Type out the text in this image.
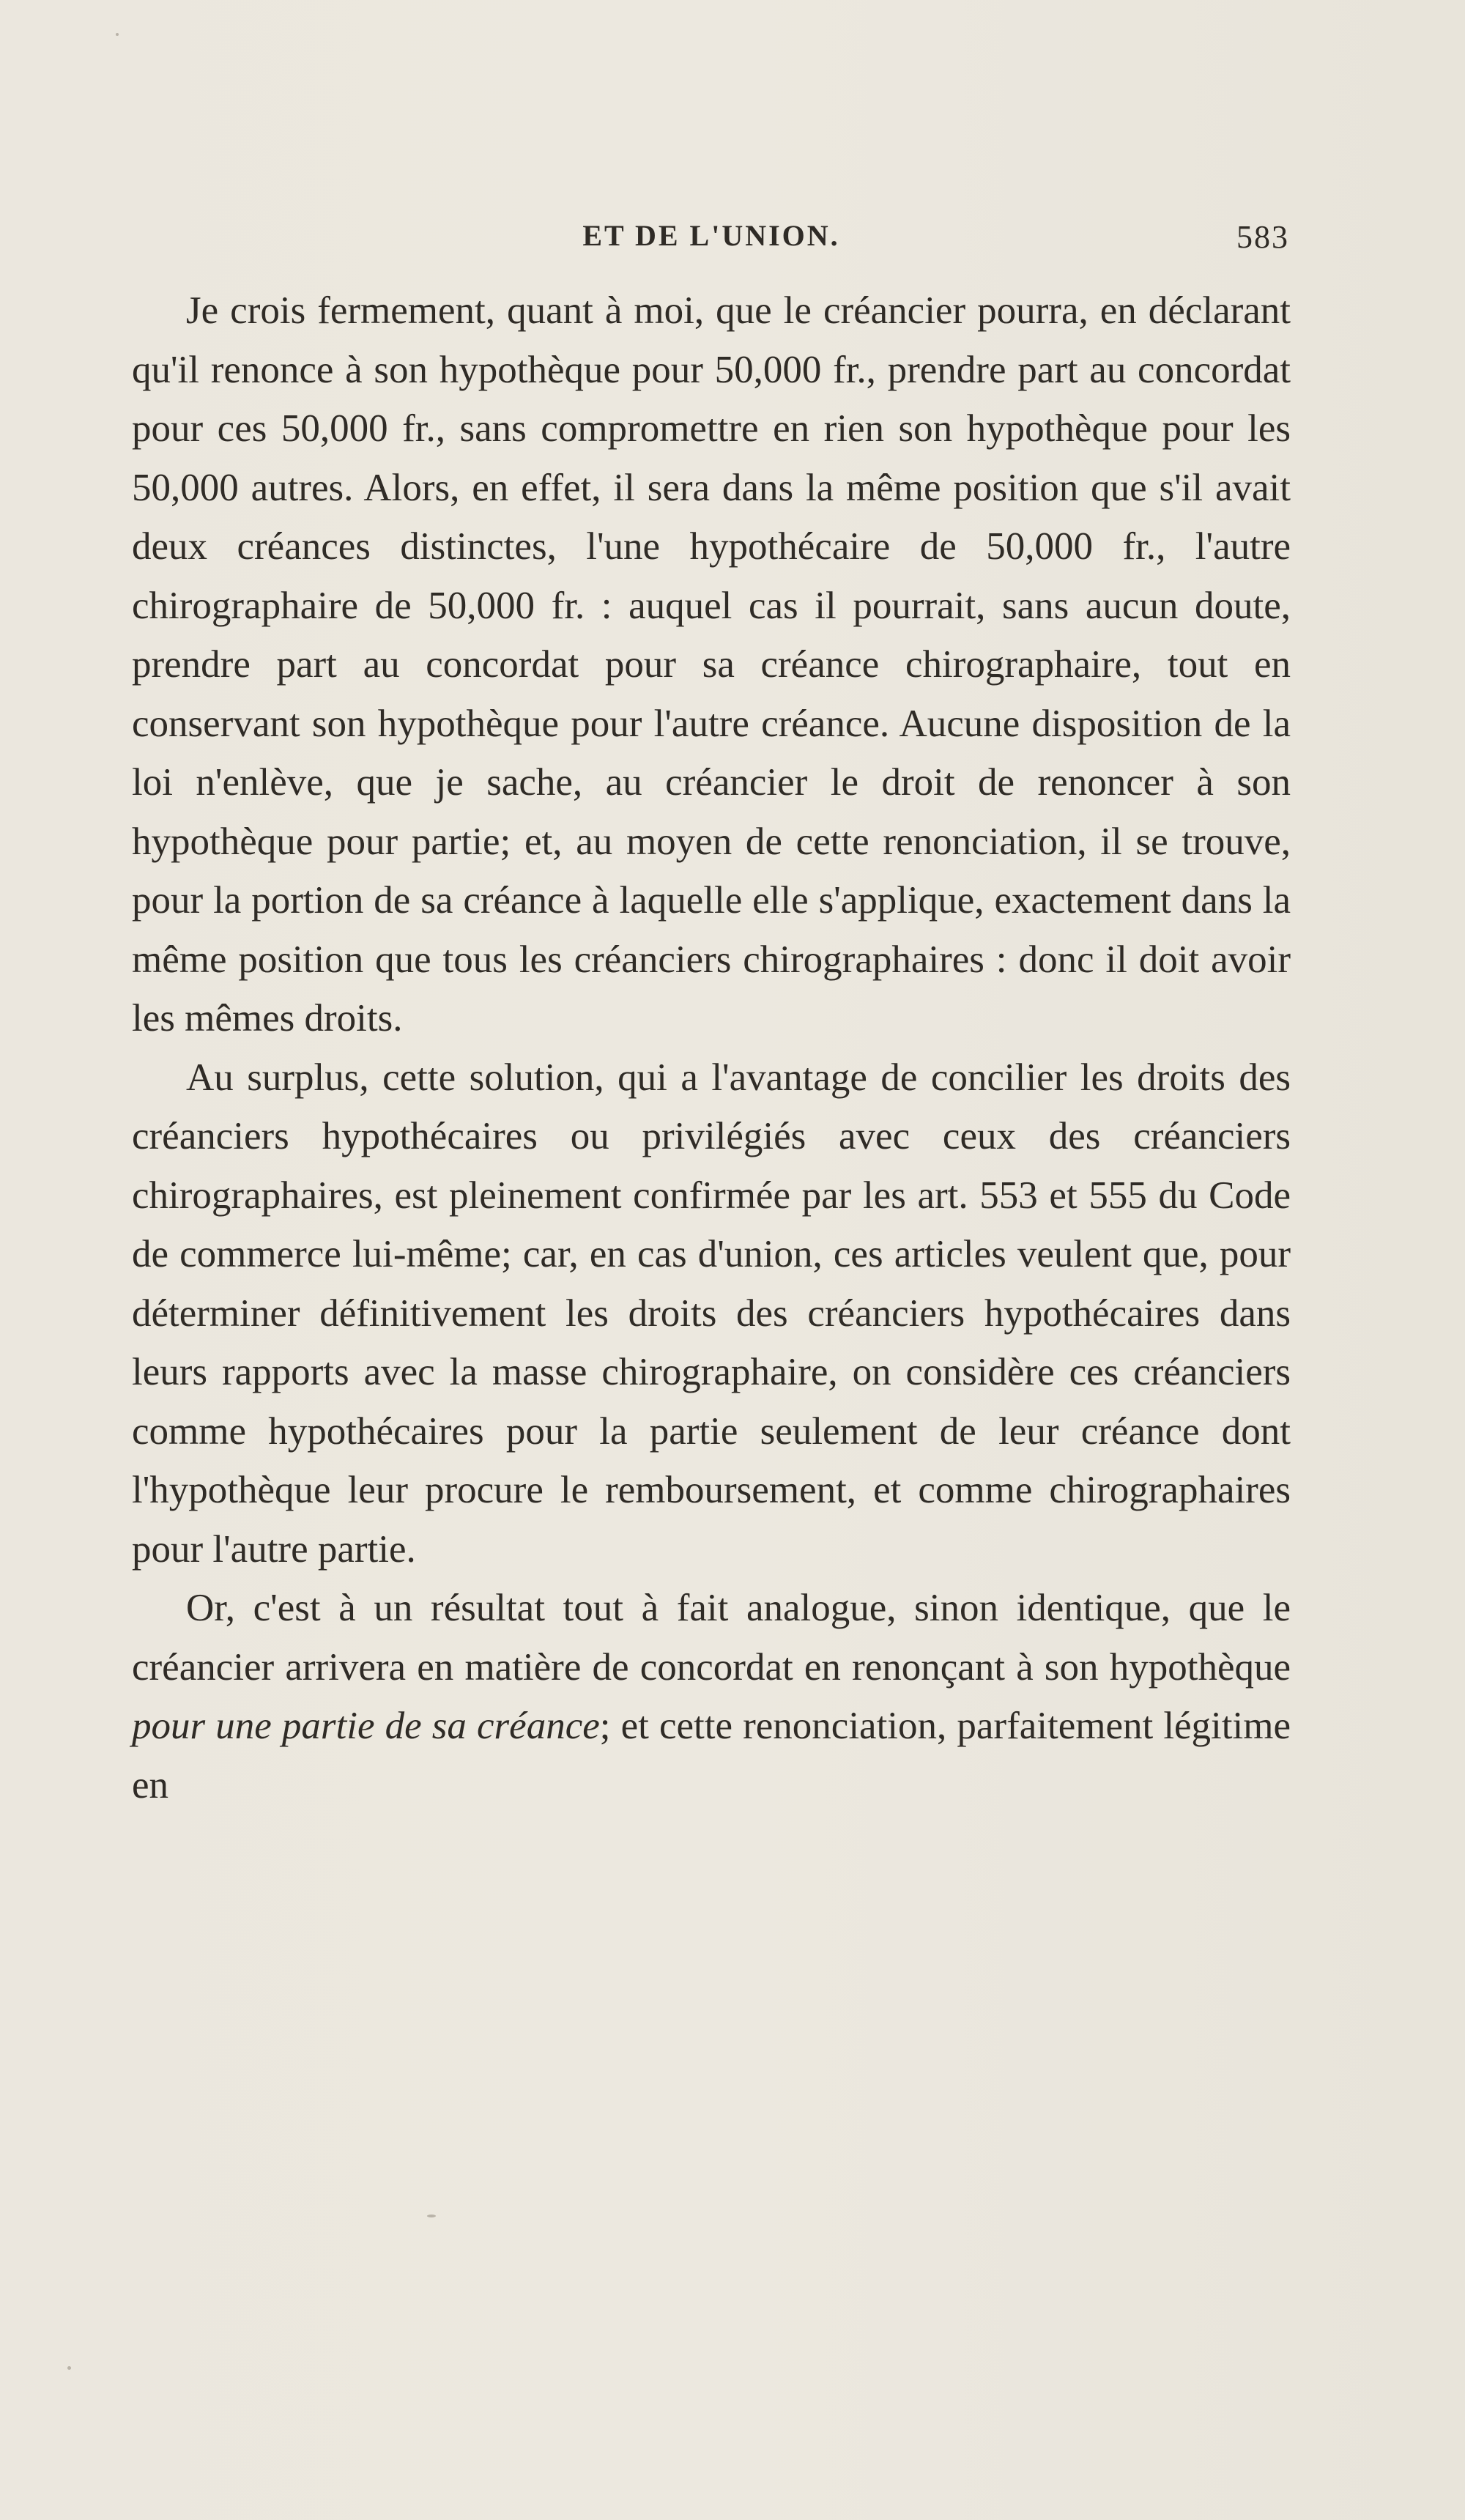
ET DE L'UNION.	583

Je crois fermement, quant à moi, que le créancier pourra, en déclarant qu'il renonce à son hypothèque pour 50,000 fr., prendre part au concordat pour ces 50,000 fr., sans compromettre en rien son hypothèque pour les 50,000 autres. Alors, en effet, il sera dans la même position que s'il avait deux créances distinctes, l'une hypothécaire de 50,000 fr., l'autre chirographaire de 50,000 fr. : auquel cas il pourrait, sans aucun doute, prendre part au concordat pour sa créance chirographaire, tout en conservant son hypothèque pour l'autre créance. Aucune disposition de la loi n'enlève, que je sache, au créancier le droit de renoncer à son hypothèque pour partie; et, au moyen de cette renonciation, il se trouve, pour la portion de sa créance à laquelle elle s'applique, exactement dans la même position que tous les créanciers chirographaires : donc il doit avoir les mêmes droits.

Au surplus, cette solution, qui a l'avantage de concilier les droits des créanciers hypothécaires ou privilégiés avec ceux des créanciers chirographaires, est pleinement confirmée par les art. 553 et 555 du Code de commerce lui-même; car, en cas d'union, ces articles veulent que, pour déterminer définitivement les droits des créanciers hypothécaires dans leurs rapports avec la masse chirographaire, on considère ces créanciers comme hypothécaires pour la partie seulement de leur créance dont l'hypothèque leur procure le remboursement, et comme chirographaires pour l'autre partie.

Or, c'est à un résultat tout à fait analogue, sinon identique, que le créancier arrivera en matière de concordat en renonçant à son hypothèque pour une partie de sa créance; et cette renonciation, parfaitement légitime en
